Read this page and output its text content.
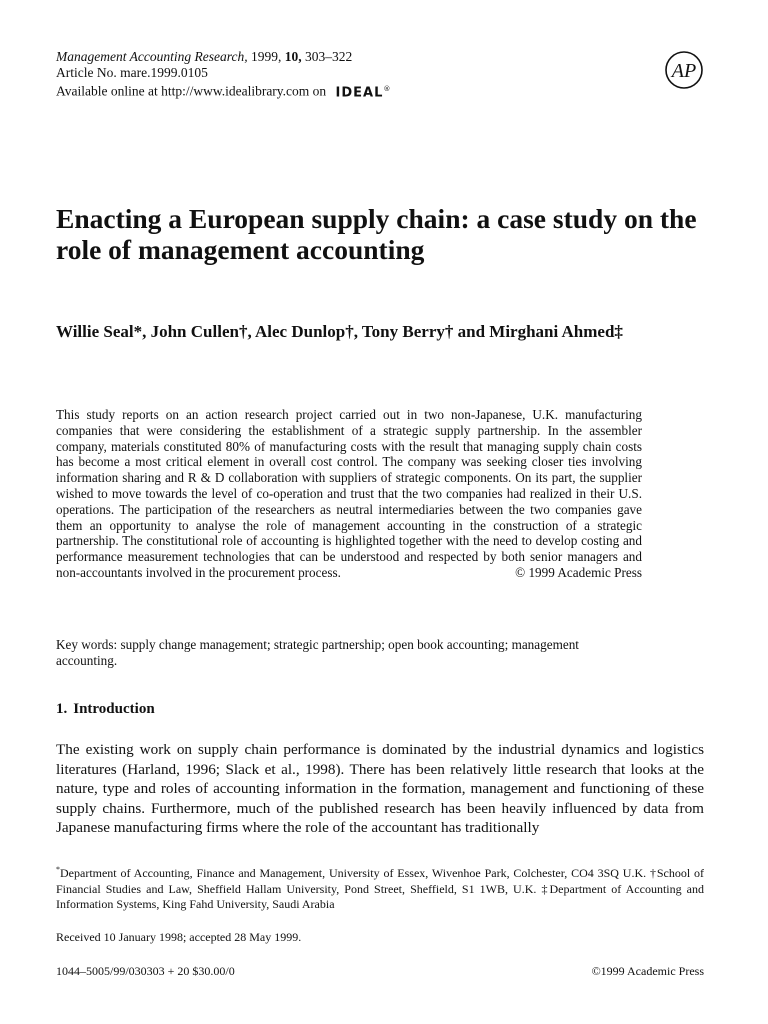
Management Accounting Research, 1999, 10, 303–322
Article No. mare.1999.0105
Available online at http://www.idealibrary.com on IDEAL®
AP
Enacting a European supply chain: a case study on the role of management accounting

Willie Seal*, John Cullen†, Alec Dunlop†, Tony Berry† and Mirghani Ahmed‡

This study reports on an action research project carried out in two non-Japanese, U.K. manufacturing companies that were considering the establishment of a strategic supply partnership. In the assembler company, materials constituted 80% of manufacturing costs with the result that managing supply chain costs has become a most critical element in overall cost control. The company was seeking closer ties involving information sharing and R & D collaboration with suppliers of strategic components. On its part, the supplier wished to move towards the level of co-operation and trust that the two companies had realized in their U.S. operations. The participation of the researchers as neutral intermediaries between the two companies gave them an opportunity to analyse the role of management accounting in the construction of a strategic partnership. The constitutional role of accounting is highlighted together with the need to develop costing and performance measurement technologies that can be understood and respected by both senior managers and non-accountants involved in the procurement process.	© 1999 Academic Press

Key words: supply change management; strategic partnership; open book accounting; management accounting.

1. Introduction

The existing work on supply chain performance is dominated by the industrial dynamics and logistics literatures (Harland, 1996; Slack et al., 1998). There has been relatively little research that looks at the nature, type and roles of accounting information in the formation, management and functioning of these supply chains. Furthermore, much of the published research has been heavily influenced by data from Japanese manufacturing firms where the role of the accountant has traditionally

*Department of Accounting, Finance and Management, University of Essex, Wivenhoe Park, Colchester, CO4 3SQ U.K. †School of Financial Studies and Law, Sheffield Hallam University, Pond Street, Sheffield, S1 1WB, U.K. ‡Department of Accounting and Information Systems, King Fahd University, Saudi Arabia

Received 10 January 1998; accepted 28 May 1999.

1044–5005/99/030303 + 20 $30.00/0	©1999 Academic Press
